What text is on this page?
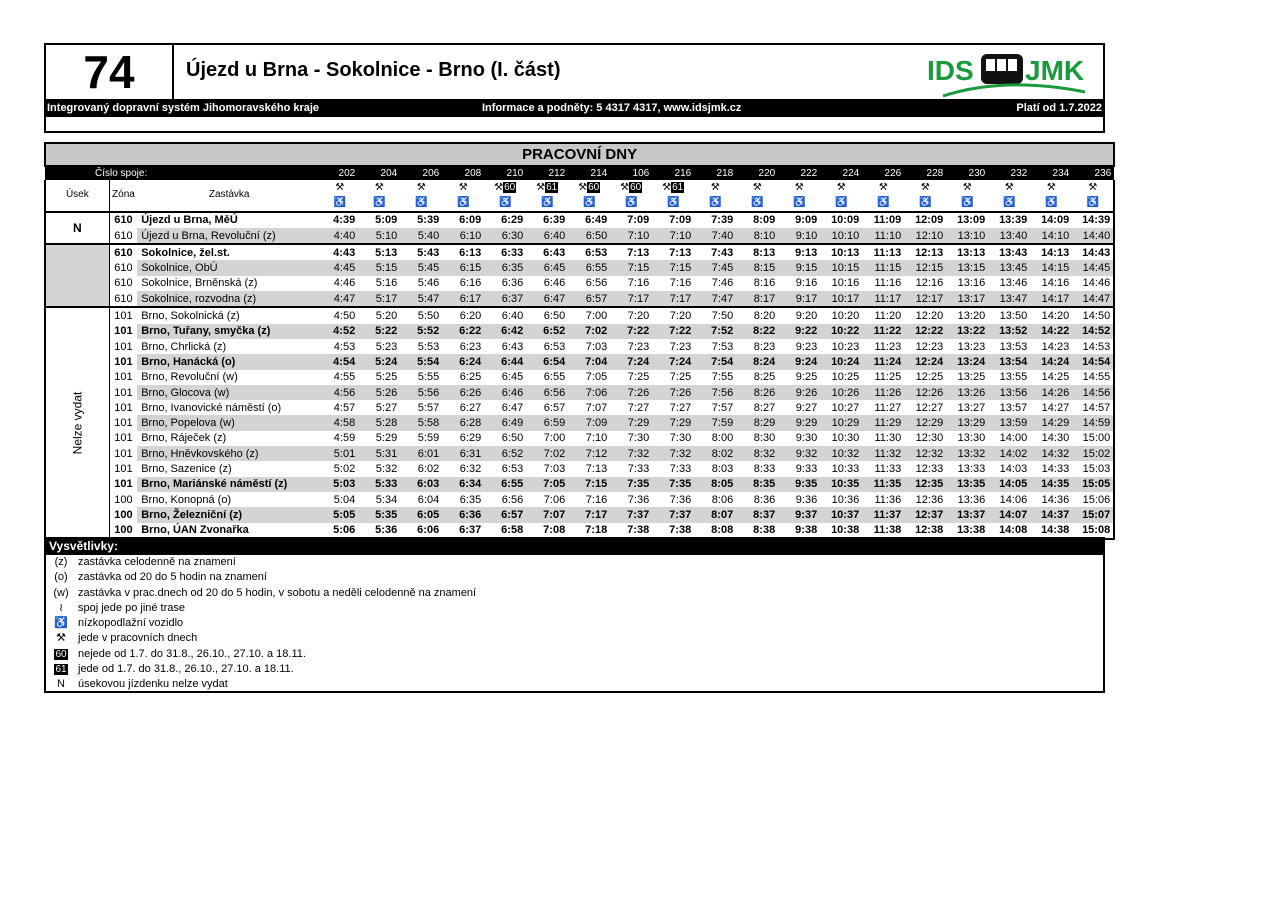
74	Újezd u Brna - Sokolnice - Brno (I. část)	IDS JMK
Integrovaný dopravní systém Jihomoravského kraje	Informace a podněty: 5 4317 4317, www.idsjmk.cz	Platí od 1.7.2022
PRACOVNÍ DNY																					
Číslo spoje:			202	204	206	208	210	212	214	106	216	218	220	222	224	226	228	230	232	234	236
Úsek	Zóna	Zastávka	⚒	⚒	⚒	⚒	⚒60	⚒61	⚒60	⚒60	⚒61	⚒	⚒	⚒	⚒	⚒	⚒	⚒	⚒	⚒	⚒
			♿	♿	♿	♿	♿	♿	♿	♿	♿	♿	♿	♿	♿	♿	♿	♿	♿	♿	♿
N	610	Újezd u Brna, MěÚ	4:39	5:09	5:39	6:09	6:29	6:39	6:49	7:09	7:09	7:39	8:09	9:09	10:09	11:09	12:09	13:09	13:39	14:09	14:39
	610	Újezd u Brna, Revoluční (z)	4:40	5:10	5:40	6:10	6:30	6:40	6:50	7:10	7:10	7:40	8:10	9:10	10:10	11:10	12:10	13:10	13:40	14:10	14:40
	610	Sokolnice, žel.st.	4:43	5:13	5:43	6:13	6:33	6:43	6:53	7:13	7:13	7:43	8:13	9:13	10:13	11:13	12:13	13:13	13:43	14:13	14:43
	610	Sokolnice, ObÚ	4:45	5:15	5:45	6:15	6:35	6:45	6:55	7:15	7:15	7:45	8:15	9:15	10:15	11:15	12:15	13:15	13:45	14:15	14:45
	610	Sokolnice, Brněnská (z)	4:46	5:16	5:46	6:16	6:36	6:46	6:56	7:16	7:16	7:46	8:16	9:16	10:16	11:16	12:16	13:16	13:46	14:16	14:46
	610	Sokolnice, rozvodna (z)	4:47	5:17	5:47	6:17	6:37	6:47	6:57	7:17	7:17	7:47	8:17	9:17	10:17	11:17	12:17	13:17	13:47	14:17	14:47
Nelze vydat	101	Brno, Sokolnická (z)	4:50	5:20	5:50	6:20	6:40	6:50	7:00	7:20	7:20	7:50	8:20	9:20	10:20	11:20	12:20	13:20	13:50	14:20	14:50
	101	Brno, Tuřany, smyčka (z)	4:52	5:22	5:52	6:22	6:42	6:52	7:02	7:22	7:22	7:52	8:22	9:22	10:22	11:22	12:22	13:22	13:52	14:22	14:52
	101	Brno, Chrlická (z)	4:53	5:23	5:53	6:23	6:43	6:53	7:03	7:23	7:23	7:53	8:23	9:23	10:23	11:23	12:23	13:23	13:53	14:23	14:53
	101	Brno, Hanácká (o)	4:54	5:24	5:54	6:24	6:44	6:54	7:04	7:24	7:24	7:54	8:24	9:24	10:24	11:24	12:24	13:24	13:54	14:24	14:54
	101	Brno, Revoluční (w)	4:55	5:25	5:55	6:25	6:45	6:55	7:05	7:25	7:25	7:55	8:25	9:25	10:25	11:25	12:25	13:25	13:55	14:25	14:55
	101	Brno, Glocova (w)	4:56	5:26	5:56	6:26	6:46	6:56	7:06	7:26	7:26	7:56	8:26	9:26	10:26	11:26	12:26	13:26	13:56	14:26	14:56
	101	Brno, Ivanovické náměstí (o)	4:57	5:27	5:57	6:27	6:47	6:57	7:07	7:27	7:27	7:57	8:27	9:27	10:27	11:27	12:27	13:27	13:57	14:27	14:57
	101	Brno, Popelova (w)	4:58	5:28	5:58	6:28	6:49	6:59	7:09	7:29	7:29	7:59	8:29	9:29	10:29	11:29	12:29	13:29	13:59	14:29	14:59
	101	Brno, Ráječek (z)	4:59	5:29	5:59	6:29	6:50	7:00	7:10	7:30	7:30	8:00	8:30	9:30	10:30	11:30	12:30	13:30	14:00	14:30	15:00
	101	Brno, Hněvkovského (z)	5:01	5:31	6:01	6:31	6:52	7:02	7:12	7:32	7:32	8:02	8:32	9:32	10:32	11:32	12:32	13:32	14:02	14:32	15:02
	101	Brno, Sazenice (z)	5:02	5:32	6:02	6:32	6:53	7:03	7:13	7:33	7:33	8:03	8:33	9:33	10:33	11:33	12:33	13:33	14:03	14:33	15:03
	101	Brno, Mariánské náměstí (z)	5:03	5:33	6:03	6:34	6:55	7:05	7:15	7:35	7:35	8:05	8:35	9:35	10:35	11:35	12:35	13:35	14:05	14:35	15:05
	100	Brno, Konopná (o)	5:04	5:34	6:04	6:35	6:56	7:06	7:16	7:36	7:36	8:06	8:36	9:36	10:36	11:36	12:36	13:36	14:06	14:36	15:06
	100	Brno, Železniční (z)	5:05	5:35	6:05	6:36	6:57	7:07	7:17	7:37	7:37	8:07	8:37	9:37	10:37	11:37	12:37	13:37	14:07	14:37	15:07
	100	Brno, ÚAN Zvonařka	5:06	5:36	6:06	6:37	6:58	7:08	7:18	7:38	7:38	8:08	8:38	9:38	10:38	11:38	12:38	13:38	14:08	14:38	15:08
Vysvětlivky:
(z) zastávka celodenně na znamení
(o) zastávka od 20 do 5 hodin na znamení
(w) zastávka v prac.dnech od 20 do 5 hodin, v sobotu a neděli celodenně na znamení
≀	spoj jede po jiné trase
♿ nízkopodlažní vozidlo
⚒	jede v pracovních dnech
60	nejede od 1.7. do 31.8., 26.10., 27.10. a 18.11.
61	jede od 1.7. do 31.8., 26.10., 27.10. a 18.11.
N	úsekovou jízdenku nelze vydat
